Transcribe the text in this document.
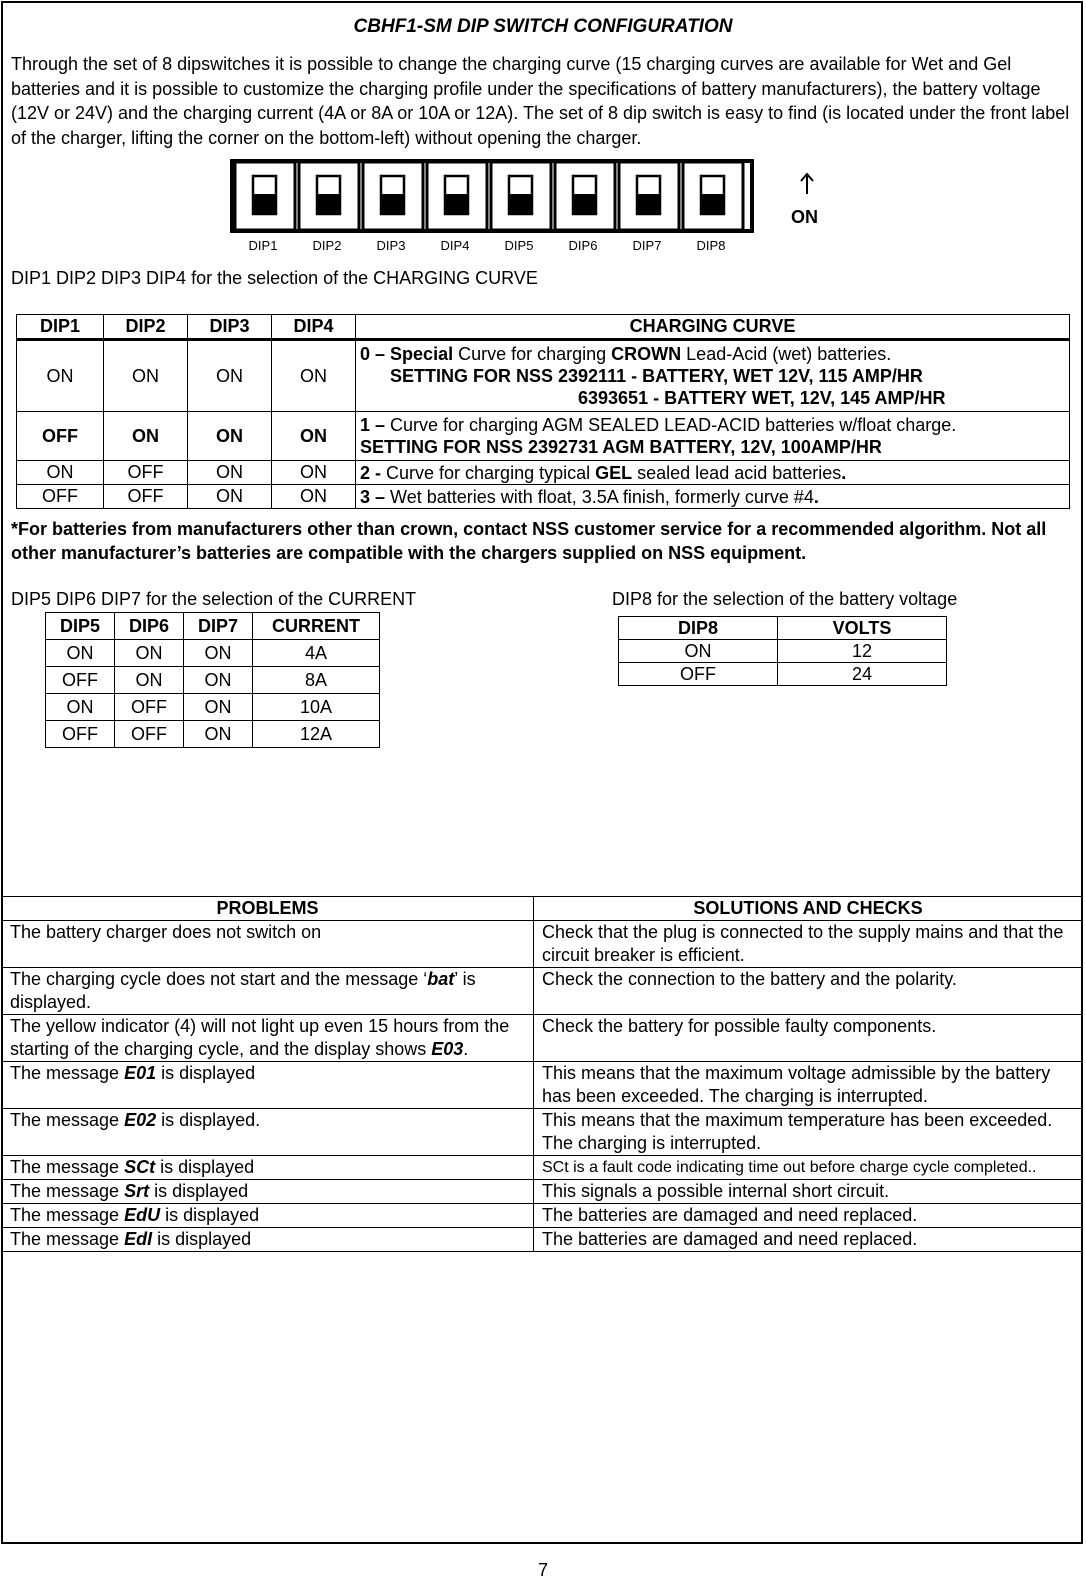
CBHF1-SM DIP SWITCH CONFIGURATION
Through the set of 8 dipswitches it is possible to change the charging curve (15 charging curves are available for Wet and Gel batteries and it is possible to customize the charging profile under the specifications of battery manufacturers), the battery voltage (12V or 24V) and the charging current (4A or 8A or 10A or 12A). The set of 8 dip switch is easy to find (is located under the front label of the charger, lifting the corner on the bottom-left) without opening the charger.
DIP1	DIP2	DIP3	DIP4	DIP5	DIP6	DIP7	DIP8
ON
DIP1 DIP2 DIP3 DIP4 for the selection of the CHARGING CURVE
DIP1	DIP2	DIP3	DIP4	CHARGING CURVE
ON	ON	ON	ON	0 – Special Curve for charging CROWN Lead-Acid (wet) batteries.
SETTING FOR NSS 2392111 - BATTERY, WET 12V, 115 AMP/HR
6393651 - BATTERY WET, 12V, 145 AMP/HR
OFF	ON	ON	ON	1 – Curve for charging AGM SEALED LEAD-ACID batteries w/float charge.
SETTING FOR NSS 2392731 AGM BATTERY, 12V, 100AMP/HR
ON	OFF	ON	ON	2 - Curve for charging typical GEL sealed lead acid batteries.
OFF	OFF	ON	ON	3 – Wet batteries with float, 3.5A finish, formerly curve #4.
*For batteries from manufacturers other than crown, contact NSS customer service for a recommended algorithm. Not all other manufacturer’s batteries are compatible with the chargers supplied on NSS equipment.
DIP5 DIP6 DIP7 for the selection of the CURRENT	DIP8 for the selection of the battery voltage
DIP5	DIP6	DIP7	CURRENT
ON	ON	ON	4A
OFF	ON	ON	8A
ON	OFF	ON	10A
OFF	OFF	ON	12A
DIP8	VOLTS
ON	12
OFF	24
PROBLEMS	SOLUTIONS AND CHECKS
The battery charger does not switch on	Check that the plug is connected to the supply mains and that the circuit breaker is efficient.
The charging cycle does not start and the message ‘bat’ is displayed.	Check the connection to the battery and the polarity.
The yellow indicator (4) will not light up even 15 hours from the starting of the charging cycle, and the display shows E03.	Check the battery for possible faulty components.
The message E01 is displayed	This means that the maximum voltage admissible by the battery has been exceeded. The charging is interrupted.
The message E02 is displayed.	This means that the maximum temperature has been exceeded. The charging is interrupted.
The message SCt is displayed	SCt is a fault code indicating time out before charge cycle completed..
The message Srt is displayed	This signals a possible internal short circuit.
The message EdU is displayed	The batteries are damaged and need replaced.
The message EdI is displayed	The batteries are damaged and need replaced.
7
